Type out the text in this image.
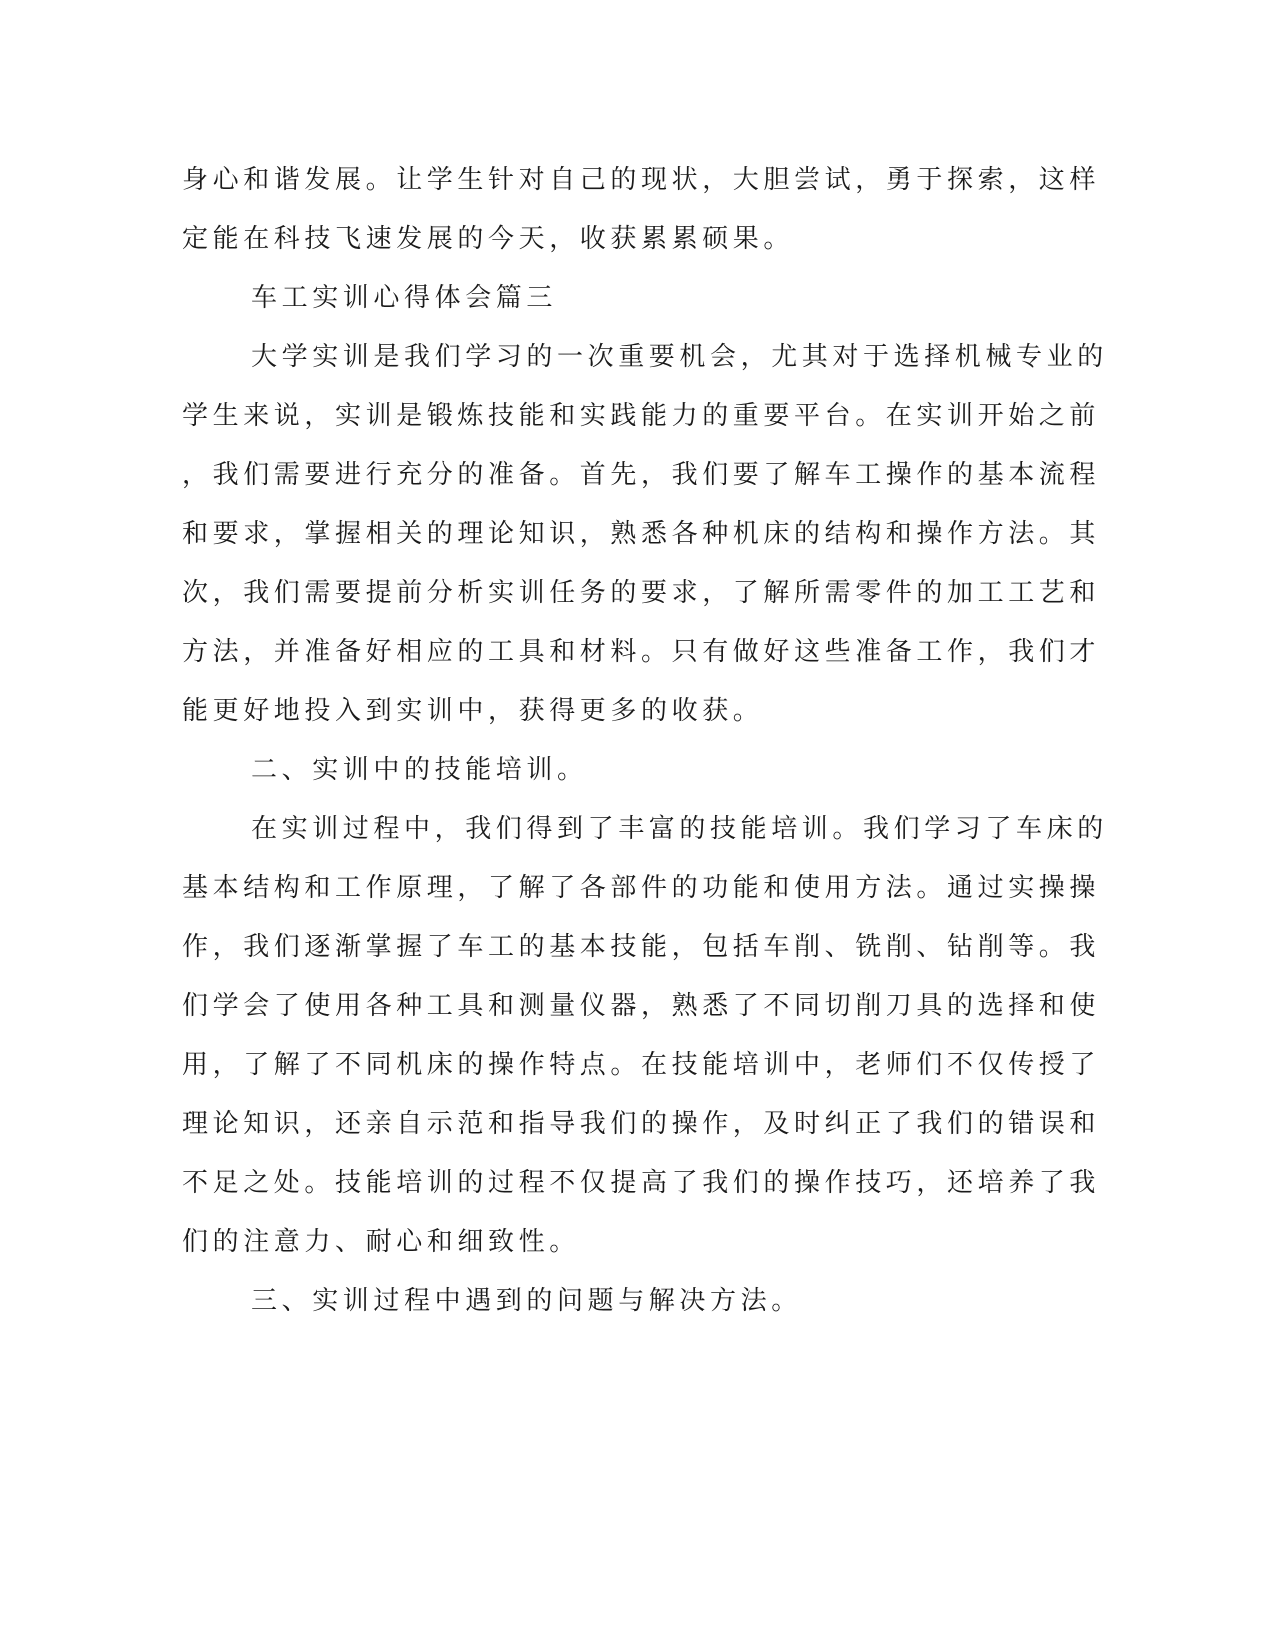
身心和谐发展。让学生针对自己的现状，大胆尝试，勇于探索，这样
定能在科技飞速发展的今天，收获累累硕果。
车工实训心得体会篇三
大学实训是我们学习的一次重要机会，尤其对于选择机械专业的
学生来说，实训是锻炼技能和实践能力的重要平台。在实训开始之前
，我们需要进行充分的准备。首先，我们要了解车工操作的基本流程
和要求，掌握相关的理论知识，熟悉各种机床的结构和操作方法。其
次，我们需要提前分析实训任务的要求，了解所需零件的加工工艺和
方法，并准备好相应的工具和材料。只有做好这些准备工作，我们才
能更好地投入到实训中，获得更多的收获。
二、实训中的技能培训。
在实训过程中，我们得到了丰富的技能培训。我们学习了车床的
基本结构和工作原理，了解了各部件的功能和使用方法。通过实操操
作，我们逐渐掌握了车工的基本技能，包括车削、铣削、钻削等。我
们学会了使用各种工具和测量仪器，熟悉了不同切削刀具的选择和使
用，了解了不同机床的操作特点。在技能培训中，老师们不仅传授了
理论知识，还亲自示范和指导我们的操作，及时纠正了我们的错误和
不足之处。技能培训的过程不仅提高了我们的操作技巧，还培养了我
们的注意力、耐心和细致性。
三、实训过程中遇到的问题与解决方法。
